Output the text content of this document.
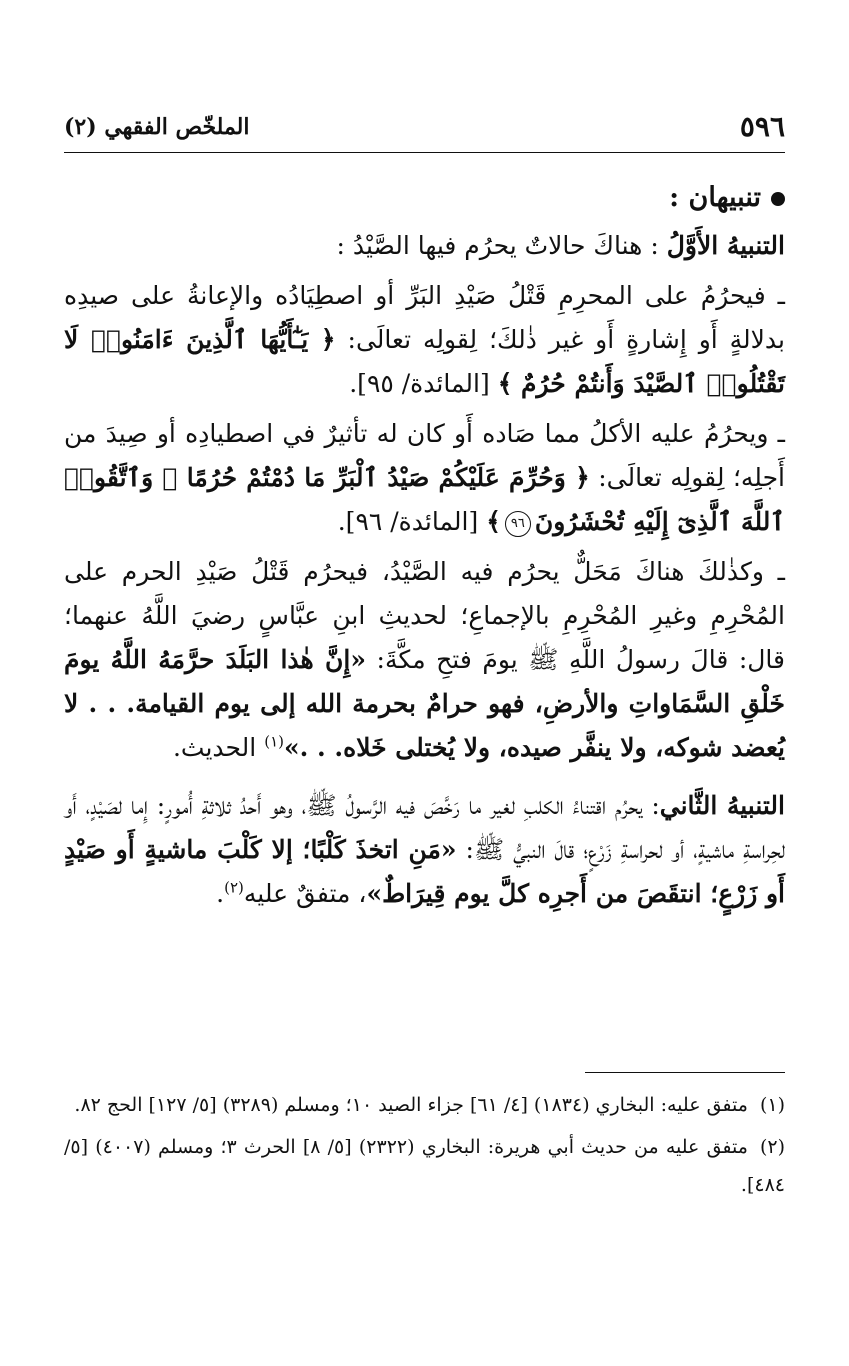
٥٩٦
الملخّص الفقهي (٢)

تنبيهان :

التنبيهُ الأَوَّلُ : هناكَ حالاتٌ يحرُم فيها الصَّيْدُ :

ـ فيحرُمُ على المحرِمِ قَتْلُ صَيْدِ البَرِّ أو اصطِيَادُه والإعانةُ على صيدِه بدلالةٍ أَو إِشارةٍ أَو غير ذٰلكَ؛ لِقولِه تعالَى: ﴿ يَـٰٓأَيُّهَا ٱلَّذِينَ ءَامَنُوا۟ لَا تَقْتُلُوا۟ ٱلصَّيْدَ وَأَنتُمْ حُرُمٌ ﴾ [المائدة/ ٩٥].

ـ ويحرُمُ عليه الأكلُ مما صَاده أَو كان له تأثيرٌ في اصطيادِه أو صِيدَ من أَجلِه؛ لِقولِه تعالَى: ﴿ وَحُرِّمَ عَلَيْكُمْ صَيْدُ ٱلْبَرِّ مَا دُمْتُمْ حُرُمًا ۗ وَٱتَّقُوا۟ ٱللَّهَ ٱلَّذِىٓ إِلَيْهِ تُحْشَرُونَ٩٦﴾ [المائدة/ ٩٦].

ـ وكذٰلكَ هناكَ مَحَلٌّ يحرُم فيه الصَّيْدُ، فيحرُم قَتْلُ صَيْدِ الحرم على المُحْرِمِ وغيرِ المُحْرِمِ بالإجماعِ؛ لحديثِ ابنِ عبَّاسٍ رضيَ اللَّهُ عنهما؛ قال: قالَ رسولُ اللَّهِ ﷺ يومَ فتحِ مكَّةَ: «إِنَّ هٰذا البَلَدَ حرَّمَهُ اللَّهُ يومَ خَلْقِ السَّمَاواتِ والأرضِ، فهو حرامٌ بحرمة الله إلى يوم القيامة. . . لا يُعضد شوكه، ولا ينفَّر صيده، ولا يُختلى خَلاه. . .»$^{(١)}$ الحديث.

التنبيهُ الثَّاني: يحرُم اقتناءُ الكلبِ لغير ما رَخَّصَ فيه الرَّسولُ ﷺ، وهو أَحدُ ثلاثةِ أُمورٍ: إِما لصَيْدٍ، أَو لحِراسةِ ماشيةٍ، أو لحراسةِ زَرْعٍ؛ قالَ النبيُّ ﷺ: «مَنِ اتخذَ كَلْبًا؛ إلا كَلْبَ ماشيةٍ أَو صَيْدٍ أَو زَرْعٍ؛ انتقَصَ من أَجرِه كلَّ يوم قِيرَاطٌ»، متفقٌ عليه$^{(٢)}$.

(١)متفق عليه: البخاري (١٨٣٤) [٤/ ٦١] جزاء الصيد ١٠؛ ومسلم (٣٢٨٩) [٥/ ١٢٧] الحج ٨٢.

(٢)متفق عليه من حديث أبي هريرة: البخاري (٢٣٢٢) [٥/ ٨] الحرث ٣؛ ومسلم (٤٠٠٧) [٥/ ٤٨٤].
